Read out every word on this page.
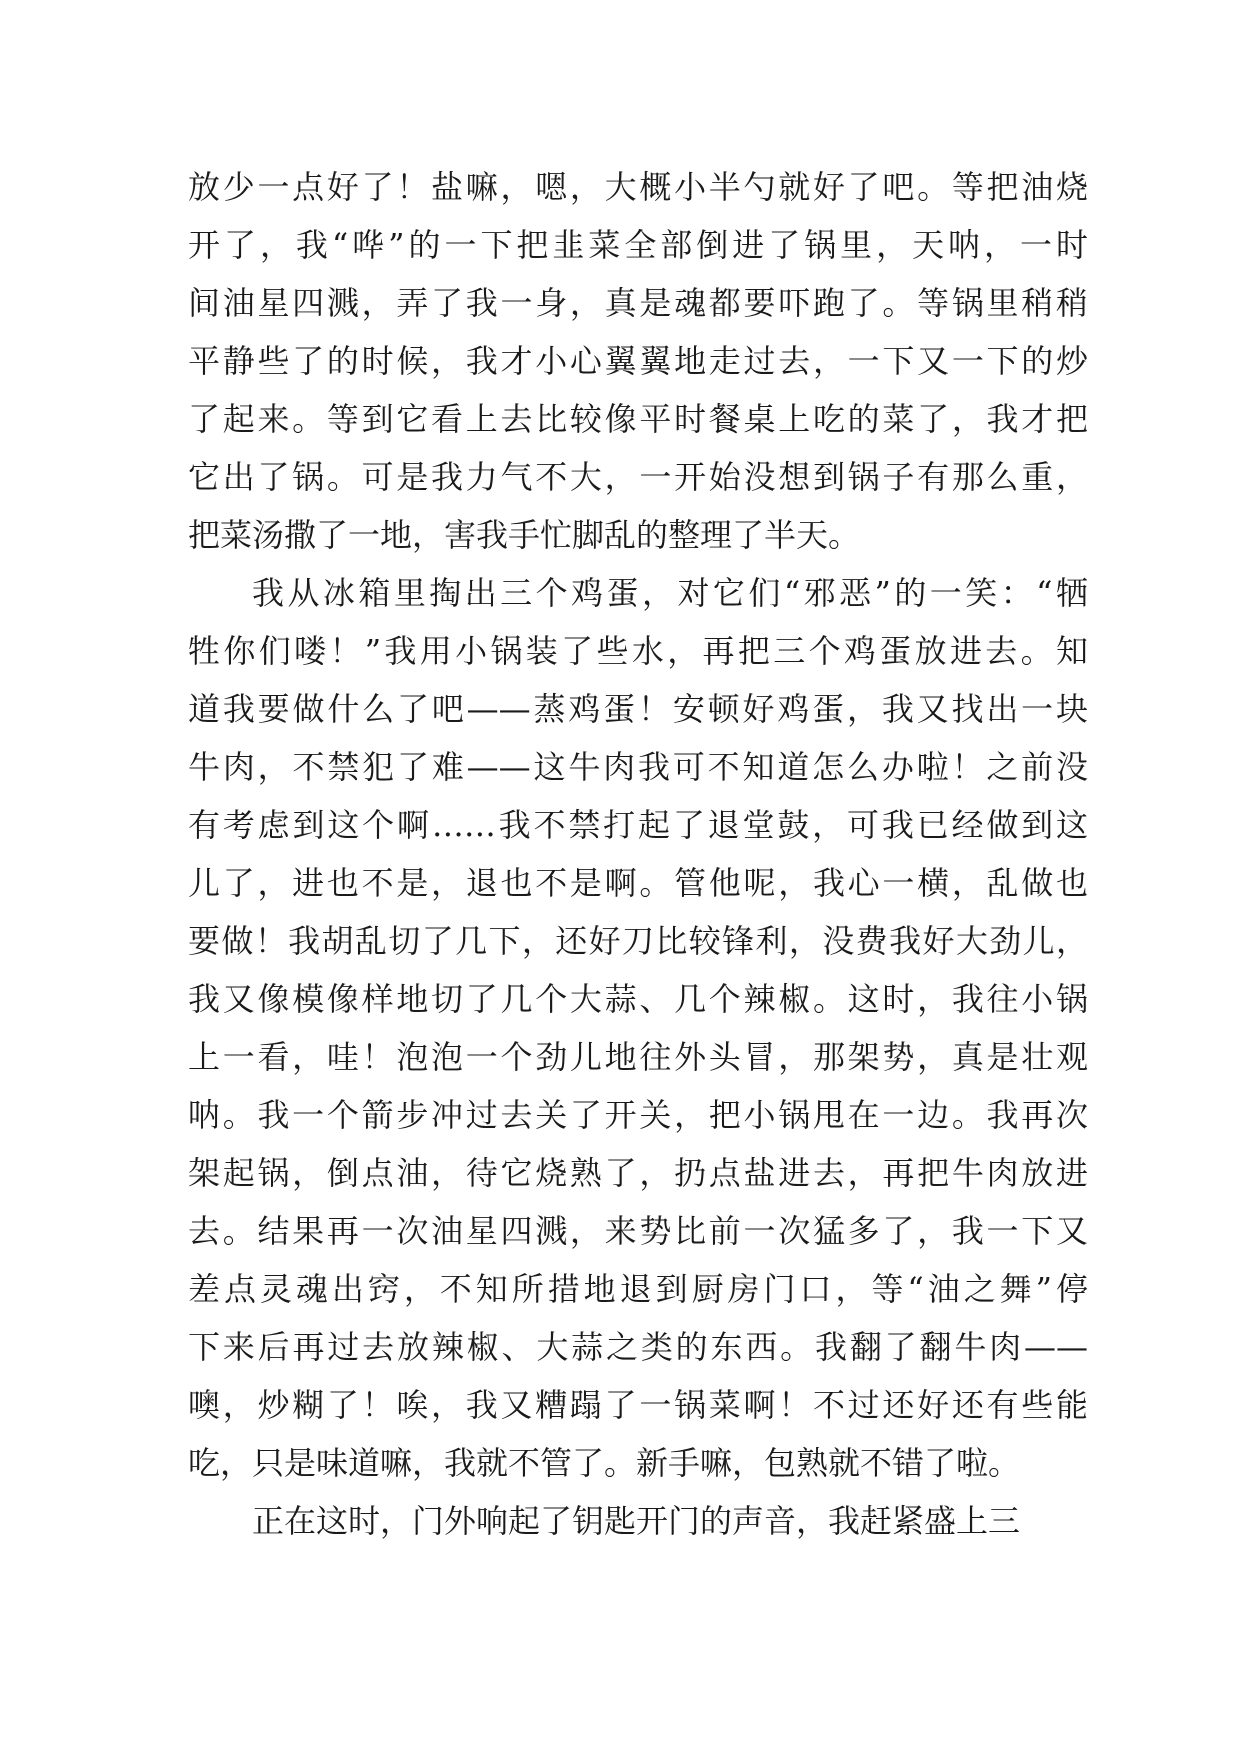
放少一点好了！盐嘛，嗯，大概小半勺就好了吧。等把油烧
开了，我“哗”的一下把韭菜全部倒进了锅里，天呐，一时
间油星四溅，弄了我一身，真是魂都要吓跑了。等锅里稍稍
平静些了的时候，我才小心翼翼地走过去，一下又一下的炒
了起来。等到它看上去比较像平时餐桌上吃的菜了，我才把
它出了锅。可是我力气不大，一开始没想到锅子有那么重，
把菜汤撒了一地，害我手忙脚乱的整理了半天。
我从冰箱里掏出三个鸡蛋，对它们“邪恶”的一笑：“牺
牲你们喽！”我用小锅装了些水，再把三个鸡蛋放进去。知
道我要做什么了吧——蒸鸡蛋！安顿好鸡蛋，我又找出一块
牛肉，不禁犯了难——这牛肉我可不知道怎么办啦！之前没
有考虑到这个啊……我不禁打起了退堂鼓，可我已经做到这
儿了，进也不是，退也不是啊。管他呢，我心一横，乱做也
要做！我胡乱切了几下，还好刀比较锋利，没费我好大劲儿，
我又像模像样地切了几个大蒜、几个辣椒。这时，我往小锅
上一看，哇！泡泡一个劲儿地往外头冒，那架势，真是壮观
呐。我一个箭步冲过去关了开关，把小锅甩在一边。我再次
架起锅，倒点油，待它烧熟了，扔点盐进去，再把牛肉放进
去。结果再一次油星四溅，来势比前一次猛多了，我一下又
差点灵魂出窍，不知所措地退到厨房门口，等“油之舞”停
下来后再过去放辣椒、大蒜之类的东西。我翻了翻牛肉——
噢，炒糊了！唉，我又糟蹋了一锅菜啊！不过还好还有些能
吃，只是味道嘛，我就不管了。新手嘛，包熟就不错了啦。
正在这时，门外响起了钥匙开门的声音，我赶紧盛上三
